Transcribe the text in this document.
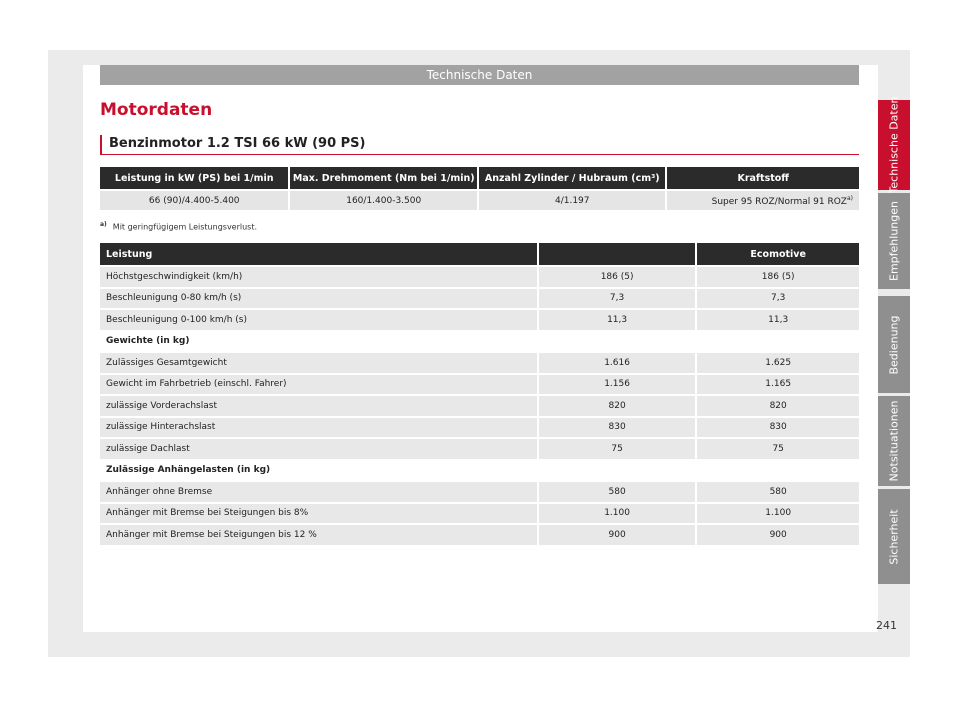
Technische Daten
Motordaten
Benzinmotor 1.2 TSI 66 kW (90 PS)
Leistung in kW (PS) bei 1/min	Max. Drehmoment (Nm bei 1/min)	Anzahl Zylinder / Hubraum (cm³)	Kraftstoff
66 (90)/4.400-5.400	160/1.400-3.500	4/1.197	Super 95 ROZ/Normal 91 ROZ$^{a)}$
$^{a)}$ Mit geringfügigem Leistungsverlust.
Leistung		Ecomotive
Höchstgeschwindigkeit (km/h)	186 (5)	186 (5)
Beschleunigung 0-80 km/h (s)	7,3	7,3
Beschleunigung 0-100 km/h (s)	11,3	11,3
Gewichte (in kg)		
Zulässiges Gesamtgewicht	1.616	1.625
Gewicht im Fahrbetrieb (einschl. Fahrer)	1.156	1.165
zulässige Vorderachslast	820	820
zulässige Hinterachslast	830	830
zulässige Dachlast	75	75
Zulässige Anhängelasten (in kg)		
Anhänger ohne Bremse	580	580
Anhänger mit Bremse bei Steigungen bis 8%	1.100	1.100
Anhänger mit Bremse bei Steigungen bis 12 %	900	900
Technische Daten
Empfehlungen
Bedienung
Notsituationen
Sicherheit
241
